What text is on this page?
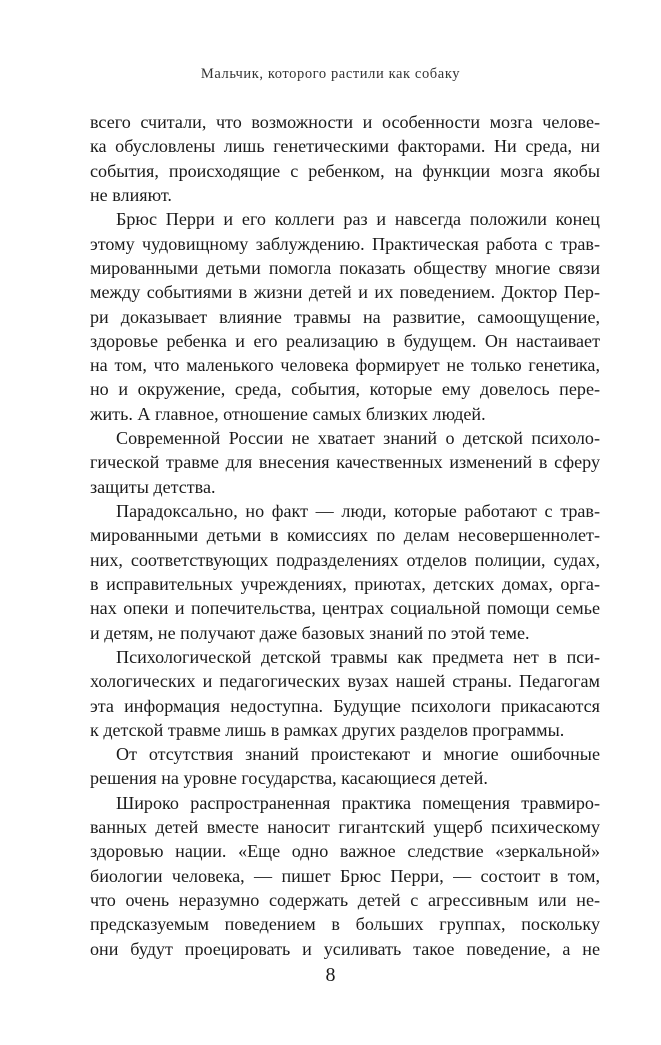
Мальчик, которого растили как собаку
всего считали, что возможности и особенности мозга челове-
ка обусловлены лишь генетическими факторами. Ни среда, ни
события, происходящие с ребенком, на функции мозга якобы
не влияют.
Брюс Перри и его коллеги раз и навсегда положили конец
этому чудовищному заблуждению. Практическая работа с трав-
мированными детьми помогла показать обществу многие связи
между событиями в жизни детей и их поведением. Доктор Пер-
ри доказывает влияние травмы на развитие, самоощущение,
здоровье ребенка и его реализацию в будущем. Он настаивает
на том, что маленького человека формирует не только генетика,
но и окружение, среда, события, которые ему довелось пере-
жить. А главное, отношение самых близких людей.
Современной России не хватает знаний о детской психоло-
гической травме для внесения качественных изменений в сферу
защиты детства.
Парадоксально, но факт — люди, которые работают с трав-
мированными детьми в комиссиях по делам несовершеннолет-
них, соответствующих подразделениях отделов полиции, судах,
в исправительных учреждениях, приютах, детских домах, орга-
нах опеки и попечительства, центрах социальной помощи семье
и детям, не получают даже базовых знаний по этой теме.
Психологической детской травмы как предмета нет в пси-
хологических и педагогических вузах нашей страны. Педагогам
эта информация недоступна. Будущие психологи прикасаются
к детской травме лишь в рамках других разделов программы.
От отсутствия знаний проистекают и многие ошибочные
решения на уровне государства, касающиеся детей.
Широко распространенная практика помещения травмиро-
ванных детей вместе наносит гигантский ущерб психическому
здоровью нации. «Еще одно важное следствие «зеркальной»
биологии человека, — пишет Брюс Перри, — состоит в том,
что очень неразумно содержать детей с агрессивным или не-
предсказуемым поведением в больших группах, поскольку
они будут проецировать и усиливать такое поведение, а не
8
